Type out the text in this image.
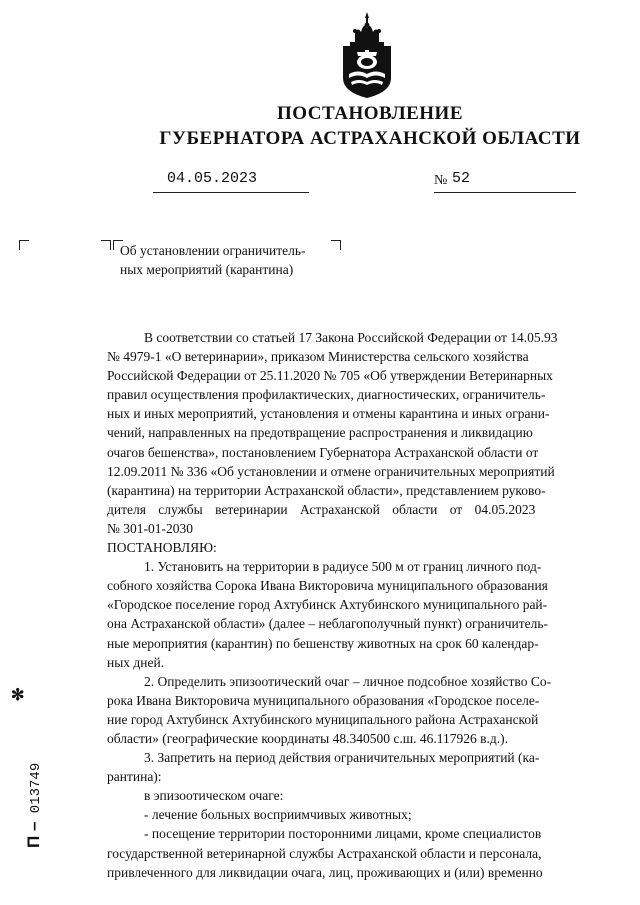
ПОСТАНОВЛЕНИЕ
ГУБЕРНАТОРА АСТРАХАНСКОЙ ОБЛАСТИ
04.05.2023	№ 52
Об установлении ограничитель-
ных мероприятий (карантина)
В соответствии со статьей 17 Закона Российской Федерации от 14.05.93
№ 4979-1 «О ветеринарии», приказом Министерства сельского хозяйства
Российской Федерации от 25.11.2020 № 705 «Об утверждении Ветеринарных
правил осуществления профилактических, диагностических, ограничитель-
ных и иных мероприятий, установления и отмены карантина и иных ограни-
чений, направленных на предотвращение распространения и ликвидацию
очагов бешенства», постановлением Губернатора Астраханской области от
12.09.2011 № 336 «Об установлении и отмене ограничительных мероприятий
(карантина) на территории Астраханской области», представлением руково-
дителя службы ветеринарии Астраханской области от 04.05.2023
№ 301-01-2030
ПОСТАНОВЛЯЮ:
1. Установить на территории в радиусе 500 м от границ личного под-
собного хозяйства Сорока Ивана Викторовича муниципального образования
«Городское поселение город Ахтубинск Ахтубинского муниципального рай-
она Астраханской области» (далее – неблагополучный пункт) ограничитель-
ные мероприятия (карантин) по бешенству животных на срок 60 календар-
ных дней.
2. Определить эпизоотический очаг – личное подсобное хозяйство Со-
рока Ивана Викторовича муниципального образования «Городское поселе-
ние город Ахтубинск Ахтубинского муниципального района Астраханской
области» (географические координаты 48.340500 с.ш. 46.117926 в.д.).
3. Запретить на период действия ограничительных мероприятий (ка-
рантина):
в эпизоотическом очаге:
- лечение больных восприимчивых животных;
- посещение территории посторонними лицами, кроме специалистов
государственной ветеринарной службы Астраханской области и персонала,
привлеченного для ликвидации очага, лиц, проживающих и (или) временно
✻
П – 013749
